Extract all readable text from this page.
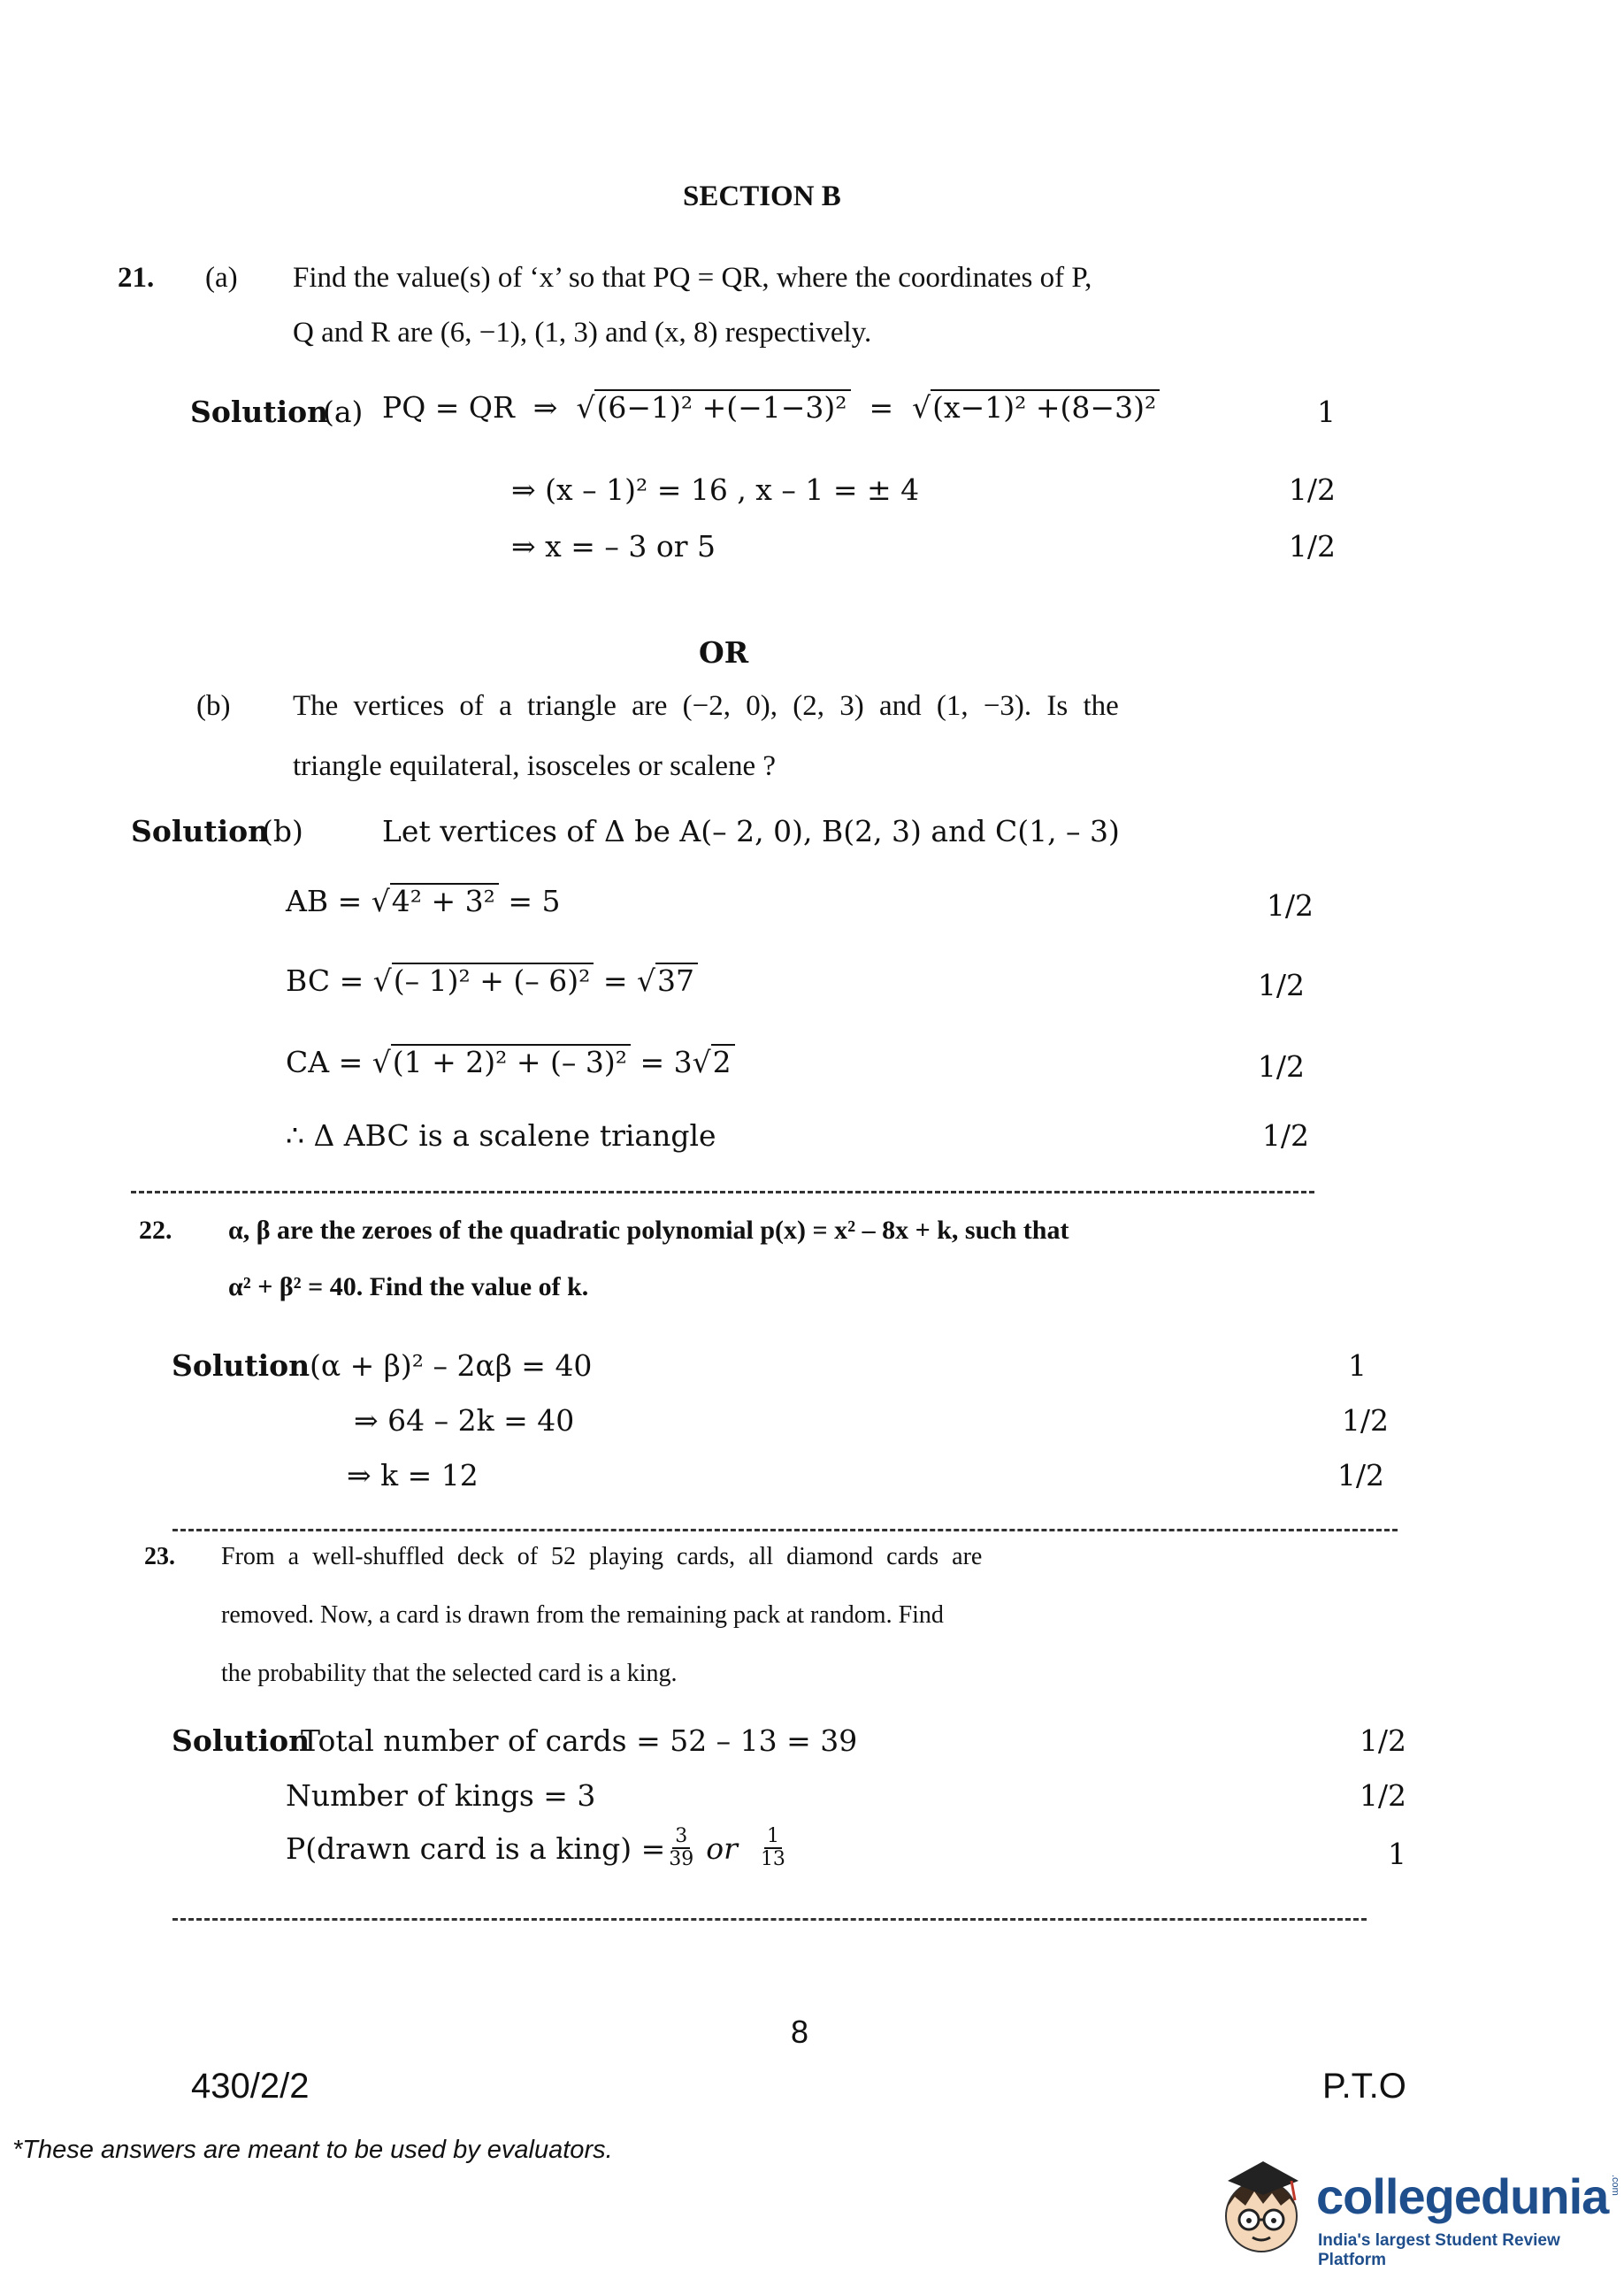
SECTION B
21. (a) Find the value(s) of ‘x’ so that PQ = QR, where the coordinates of P,
Q and R are (6, −1), (1, 3) and (x, 8) respectively.
Solution
(a) PQ = QR  ⇒  √(6−1)² +(−1−3)²  =  √(x−1)² +(8−3)²	1
⇒ (x – 1)² = 16 , x – 1 = ± 4	1/2
⇒ x = – 3 or 5	1/2
OR
(b) The vertices of a triangle are (−2, 0), (2, 3) and (1, −3). Is the
triangle equilateral, isosceles or scalene ?
Solution
(b)	Let vertices of Δ be A(– 2, 0), B(2, 3) and C(1, – 3)
AB = √4² + 3² = 5	1/2
BC = √(– 1)² + (– 6)² = √37	1/2
CA = √(1 + 2)² + (– 3)² = 3√2	1/2
∴ Δ ABC is a scalene triangle	1/2
22. α, β are the zeroes of the quadratic polynomial p(x) = x² – 8x + k, such that
α² + β² = 40. Find the value of k.
Solution (α + β)² – 2αβ = 40	1
⇒ 64 – 2k = 40	1/2
⇒ k = 12	1/2
23. From a well-shuffled deck of 52 playing cards, all diamond cards are
removed. Now, a card is drawn from the remaining pack at random. Find
the probability that the selected card is a king.
Solution
Total number of cards = 52 – 13 = 39	1/2
Number of kings = 3	1/2
P(drawn card is a king) = $\frac{3}{39}$ or $\frac{1}{13}$	1
8
430/2/2	P.T.O
*These answers are meant to be used by evaluators.
collegedunia .com
India's largest Student Review Platform
